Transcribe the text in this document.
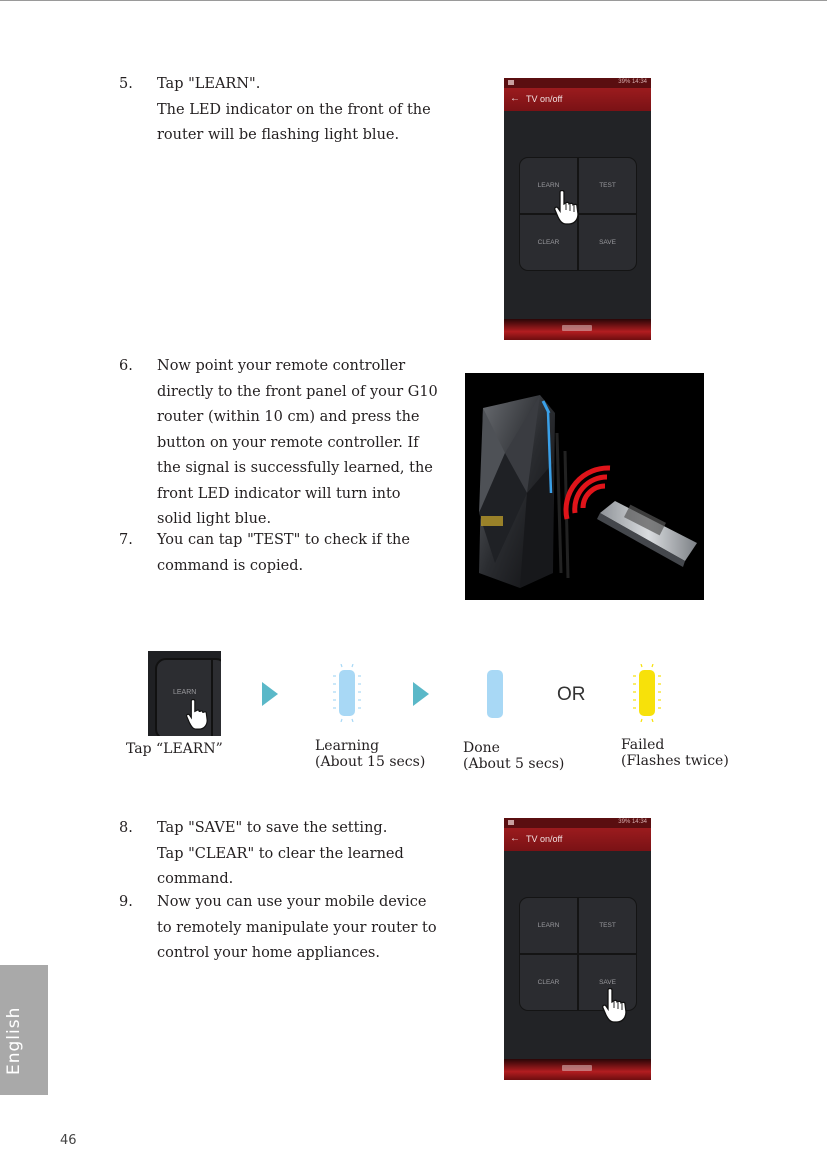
5.	Tap "LEARN".
The LED indicator on the front of the
router will be flashing light blue.
39% 14:34
← TV on/off
LEARN	TEST
CLEAR	SAVE
6.	Now point your remote controller
directly to the front panel of your G10
router (within 10 cm) and press the
button on your remote controller. If
the signal is successfully learned, the
front LED indicator will turn into
solid light blue.
7.	You can tap "TEST" to check if the
command is copied.
LEARN
Tap “LEARN”	Learning
(About 15 secs)
Done
(About 5 secs)
OR
Failed
(Flashes twice)
8.	Tap "SAVE" to save the setting.
Tap "CLEAR" to clear the learned
command.
9.	Now you can use your mobile device
to remotely manipulate your router to
control your home appliances.
39% 14:34
← TV on/off
LEARN	TEST
CLEAR	SAVE
English
46
